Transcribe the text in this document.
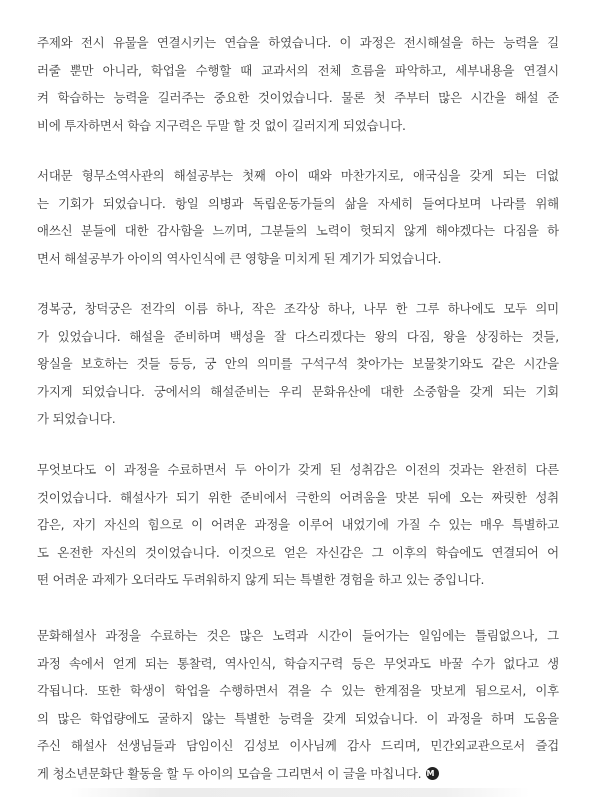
주제와 전시 유물을 연결시키는 연습을 하였습니다. 이 과정은 전시해설을 하는 능력을 길
러줄 뿐만 아니라, 학업을 수행할 때 교과서의 전체 흐름을 파악하고, 세부내용을 연결시
켜 학습하는 능력을 길러주는 중요한 것이었습니다. 물론 첫 주부터 많은 시간을 해설 준
비에 투자하면서 학습 지구력은 두말 할 것 없이 길러지게 되었습니다.
서대문 형무소역사관의 해설공부는 첫째 아이 때와 마찬가지로, 애국심을 갖게 되는 더없
는 기회가 되었습니다. 항일 의병과 독립운동가들의 삶을 자세히 들여다보며 나라를 위해
애쓰신 분들에 대한 감사함을 느끼며, 그분들의 노력이 헛되지 않게 해야겠다는 다짐을 하
면서 해설공부가 아이의 역사인식에 큰 영향을 미치게 된 계기가 되었습니다.
경복궁, 창덕궁은 전각의 이름 하나, 작은 조각상 하나, 나무 한 그루 하나에도 모두 의미
가 있었습니다. 해설을 준비하며 백성을 잘 다스리겠다는 왕의 다짐, 왕을 상징하는 것들,
왕실을 보호하는 것들 등등, 궁 안의 의미를 구석구석 찾아가는 보물찾기와도 같은 시간을
가지게 되었습니다. 궁에서의 해설준비는 우리 문화유산에 대한 소중함을 갖게 되는 기회
가 되었습니다.
무엇보다도 이 과정을 수료하면서 두 아이가 갖게 된 성취감은 이전의 것과는 완전히 다른
것이었습니다. 해설사가 되기 위한 준비에서 극한의 어려움을 맛본 뒤에 오는 짜릿한 성취
감은, 자기 자신의 힘으로 이 어려운 과정을 이루어 내었기에 가질 수 있는 매우 특별하고
도 온전한 자신의 것이었습니다. 이것으로 얻은 자신감은 그 이후의 학습에도 연결되어 어
떤 어려운 과제가 오더라도 두려워하지 않게 되는 특별한 경험을 하고 있는 중입니다.
문화해설사 과정을 수료하는 것은 많은 노력과 시간이 들어가는 일임에는 틀림없으나, 그
과정 속에서 얻게 되는 통찰력, 역사인식, 학습지구력 등은 무엇과도 바꿀 수가 없다고 생
각됩니다. 또한 학생이 학업을 수행하면서 겪을 수 있는 한계점을 맛보게 됨으로서, 이후
의 많은 학업량에도 굴하지 않는 특별한 능력을 갖게 되었습니다. 이 과정을 하며 도움을
주신 해설사 선생님들과 담임이신 김성보 이사님께 감사 드리며, 민간외교관으로서 즐겁
게 청소년문화단 활동을 할 두 아이의 모습을 그리면서 이 글을 마칩니다. M
